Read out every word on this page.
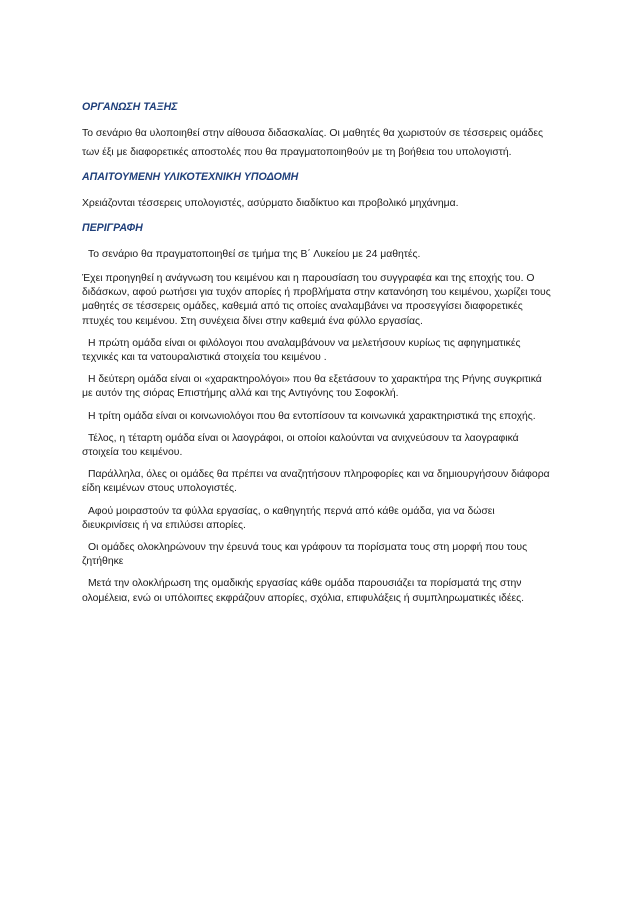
ΟΡΓΑΝΩΣΗ ΤΑΞΗΣ

Το σενάριο θα υλοποιηθεί στην αίθουσα διδασκαλίας. Οι μαθητές θα χωριστούν σε τέσσερεις ομάδες των έξι με διαφορετικές αποστολές που θα πραγματοποιηθούν με τη βοήθεια του υπολογιστή.

ΑΠΑΙΤΟΥΜΕΝΗ ΥΛΙΚΟΤΕΧΝΙΚΗ ΥΠΟΔΟΜΗ

Χρειάζονται τέσσερεις υπολογιστές, ασύρματο διαδίκτυο και προβολικό μηχάνημα.

ΠΕΡΙΓΡΑΦΗ

Το σενάριο θα πραγματοποιηθεί σε τμήμα της Β΄ Λυκείου με 24 μαθητές.

Έχει προηγηθεί η ανάγνωση του κειμένου και η παρουσίαση του συγγραφέα και της εποχής του. Ο διδάσκων, αφού ρωτήσει για τυχόν απορίες ή προβλήματα στην κατανόηση του κειμένου, χωρίζει τους μαθητές σε τέσσερεις ομάδες, καθεμιά από τις οποίες αναλαμβάνει να προσεγγίσει διαφορετικές πτυχές του κειμένου. Στη συνέχεια δίνει στην καθεμιά ένα φύλλο εργασίας.

Η πρώτη ομάδα είναι οι φιλόλογοι που αναλαμβάνουν να μελετήσουν κυρίως τις αφηγηματικές τεχνικές και τα νατουραλιστικά στοιχεία του κειμένου .

Η δεύτερη ομάδα είναι οι «χαρακτηρολόγοι» που θα εξετάσουν το χαρακτήρα της Ρήνης συγκριτικά με αυτόν της σιόρας Επιστήμης αλλά και της Αντιγόνης του Σοφοκλή.

Η τρίτη ομάδα είναι οι κοινωνιολόγοι που θα εντοπίσουν τα κοινωνικά χαρακτηριστικά της εποχής.

Τέλος, η τέταρτη ομάδα είναι οι λαογράφοι, οι οποίοι καλούνται να ανιχνεύσουν τα λαογραφικά στοιχεία του κειμένου.

Παράλληλα, όλες οι ομάδες θα πρέπει να αναζητήσουν πληροφορίες και να δημιουργήσουν διάφορα είδη κειμένων στους υπολογιστές.

Αφού μοιραστούν τα φύλλα εργασίας, ο καθηγητής περνά από κάθε ομάδα, για να δώσει διευκρινίσεις ή να επιλύσει απορίες.

Οι ομάδες ολοκληρώνουν την έρευνά τους και γράφουν τα πορίσματα τους στη μορφή που τους ζητήθηκε

Μετά την ολοκλήρωση της ομαδικής εργασίας κάθε ομάδα παρουσιάζει τα πορίσματά της στην ολομέλεια, ενώ οι υπόλοιπες εκφράζουν απορίες, σχόλια, επιφυλάξεις ή συμπληρωματικές ιδέες.
